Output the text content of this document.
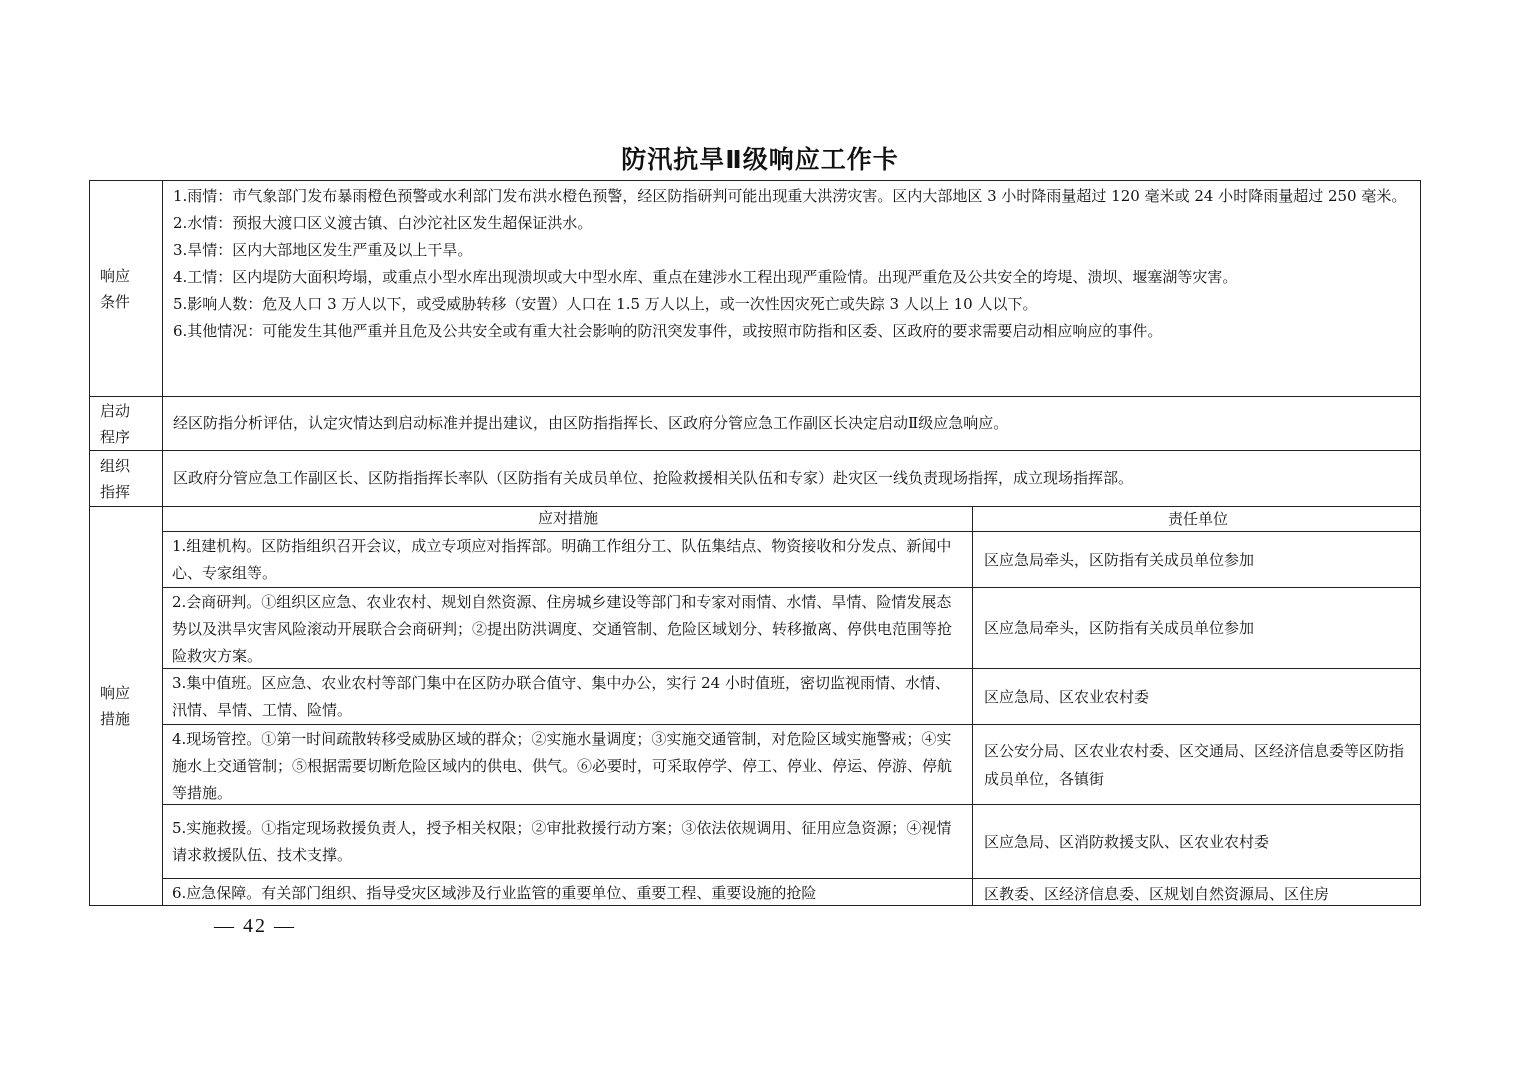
防汛抗旱Ⅱ级响应工作卡
响应条件

1.雨情：市气象部门发布暴雨橙色预警或水利部门发布洪水橙色预警，经区防指研判可能出现重大洪涝灾害。区内大部地区 3 小时降雨量超过 120 毫米或 24 小时降雨量超过 250 毫米。

2.水情：预报大渡口区义渡古镇、白沙沱社区发生超保证洪水。

3.旱情：区内大部地区发生严重及以上干旱。

4.工情：区内堤防大面积垮塌，或重点小型水库出现溃坝或大中型水库、重点在建涉水工程出现严重险情。出现严重危及公共安全的垮堤、溃坝、堰塞湖等灾害。

5.影响人数：危及人口 3 万人以下，或受威胁转移（安置）人口在 1.5 万人以上，或一次性因灾死亡或失踪 3 人以上 10 人以下。

6.其他情况：可能发生其他严重并且危及公共安全或有重大社会影响的防汛突发事件，或按照市防指和区委、区政府的要求需要启动相应响应的事件。

启动程序

经区防指分析评估，认定灾情达到启动标准并提出建议，由区防指指挥长、区政府分管应急工作副区长决定启动Ⅱ级应急响应。

组织指挥

区政府分管应急工作副区长、区防指指挥长率队（区防指有关成员单位、抢险救援相关队伍和专家）赴灾区一线负责现场指挥，成立现场指挥部。

响应措施
应对措施	责任单位
1.组建机构。区防指组织召开会议，成立专项应对指挥部。明确工作组分工、队伍集结点、物资接收和分发点、新闻中心、专家组等。
区应急局牵头，区防指有关成员单位参加
2.会商研判。①组织区应急、农业农村、规划自然资源、住房城乡建设等部门和专家对雨情、水情、旱情、险情发展态势以及洪旱灾害风险滚动开展联合会商研判；②提出防洪调度、交通管制、危险区域划分、转移撤离、停供电范围等抢险救灾方案。
区应急局牵头，区防指有关成员单位参加
3.集中值班。区应急、农业农村等部门集中在区防办联合值守、集中办公，实行 24 小时值班，密切监视雨情、水情、汛情、旱情、工情、险情。
区应急局、区农业农村委
4.现场管控。①第一时间疏散转移受威胁区域的群众；②实施水量调度；③实施交通管制，对危险区域实施警戒；④实施水上交通管制；⑤根据需要切断危险区域内的供电、供气。⑥必要时，可采取停学、停工、停业、停运、停游、停航等措施。
区公安分局、区农业农村委、区交通局、区经济信息委等区防指成员单位，各镇街
5.实施救援。①指定现场救援负责人，授予相关权限；②审批救援行动方案；③依法依规调用、征用应急资源；④视情请求救援队伍、技术支撑。
区应急局、区消防救援支队、区农业农村委
6.应急保障。有关部门组织、指导受灾区域涉及行业监管的重要单位、重要工程、重要设施的抢险	区教委、区经济信息委、区规划自然资源局、区住房
— 42 —
